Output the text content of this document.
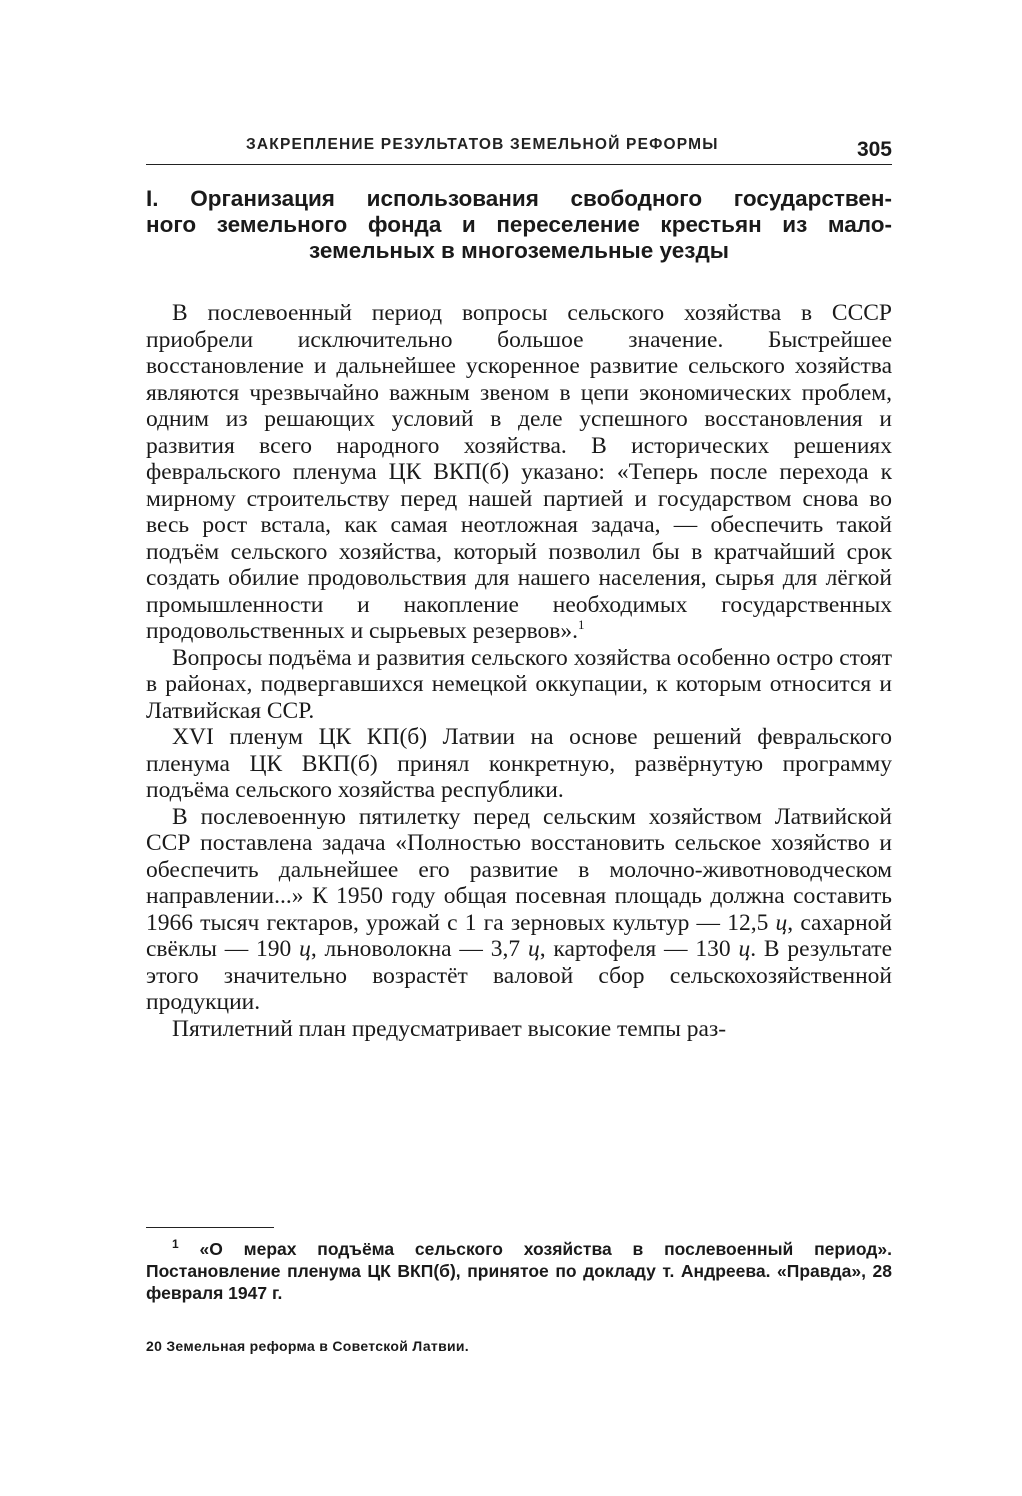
ЗАКРЕПЛЕНИЕ РЕЗУЛЬТАТОВ ЗЕМЕЛЬНОЙ РЕФОРМЫ	305
I. Организация использования свободного государствен-
ного земельного фонда и переселение крестьян из мало-
земельных в многоземельные уезды

В послевоенный период вопросы сельского хозяйства в СССР приобрели исключительно большое значение. Быстрейшее восстановление и дальнейшее ускоренное развитие сельского хозяйства являются чрезвычайно важным звеном в цепи экономических проблем, одним из решающих условий в деле успешного восстановления и развития всего народного хозяйства. В исторических решениях февральского пленума ЦК ВКП(б) указано: «Теперь после перехода к мирному строительству перед нашей партией и государством снова во весь рост встала, как самая неотложная задача, — обеспечить такой подъём сельского хозяйства, который позволил бы в кратчайший срок создать обилие продовольствия для нашего населения, сырья для лёгкой промышленности и накопление необходимых государственных продовольственных и сырьевых резервов».$^1$

Вопросы подъёма и развития сельского хозяйства особенно остро стоят в районах, подвергавшихся немецкой оккупации, к которым относится и Латвийская ССР.

XVI пленум ЦК КП(б) Латвии на основе решений февральского пленума ЦК ВКП(б) принял конкретную, развёрнутую программу подъёма сельского хозяйства республики.

В послевоенную пятилетку перед сельским хозяйством Латвийской ССР поставлена задача «Полностью восстановить сельское хозяйство и обеспечить дальнейшее его развитие в молочно-животноводческом направлении...» К 1950 году общая посевная площадь должна составить 1966 тысяч гектаров, урожай с 1 га зерновых культур — 12,5 ц, сахарной свёклы — 190 ц, льноволокна — 3,7 ц, картофеля — 130 ц. В результате этого значительно возрастёт валовой сбор сельскохозяйственной продукции.

Пятилетний план предусматривает высокие темпы раз-

$^1$ «О мерах подъёма сельского хозяйства в послевоенный период». Постановление пленума ЦК ВКП(б), принятое по докладу т. Андреева. «Правда», 28 февраля 1947 г.

20 Земельная реформа в Советской Латвии.
